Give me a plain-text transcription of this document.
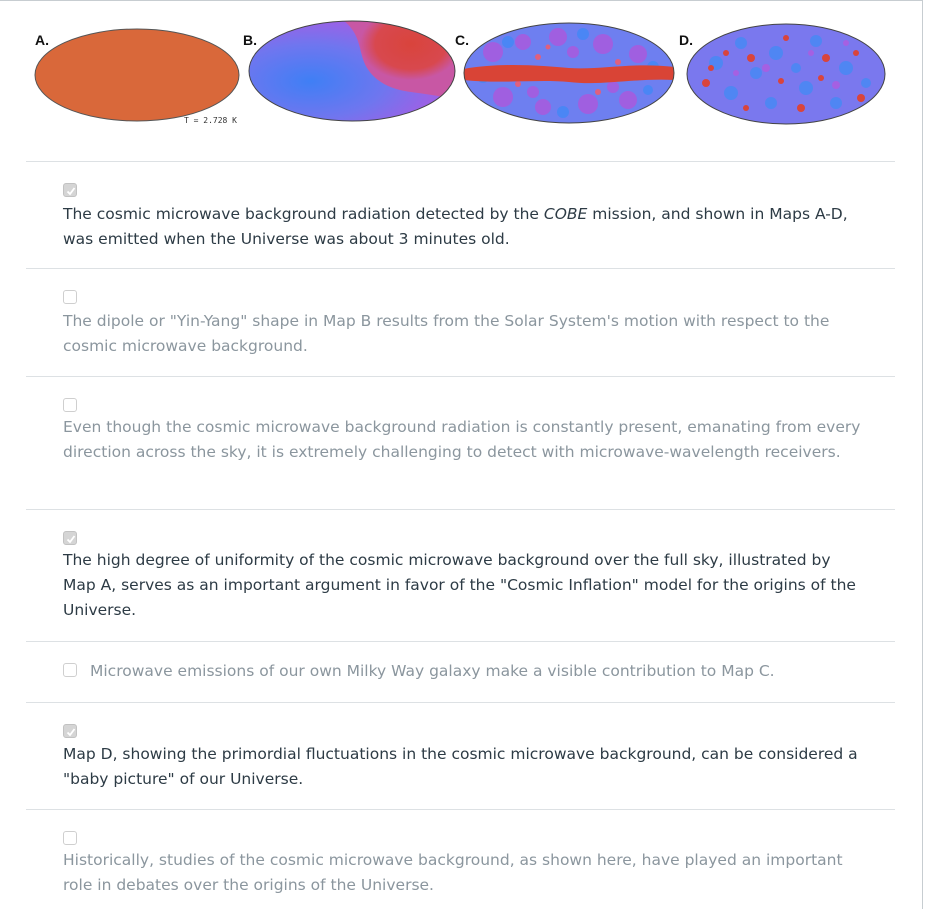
A.	B.	C.	D.
T = 2.728 K
The cosmic microwave background radiation detected by the COBE mission, and shown in Maps A-D, was emitted when the Universe was about 3 minutes old.
The dipole or "Yin-Yang" shape in Map B results from the Solar System's motion with respect to the cosmic microwave background.
Even though the cosmic microwave background radiation is constantly present, emanating from every direction across the sky, it is extremely challenging to detect with microwave-wavelength receivers.
The high degree of uniformity of the cosmic microwave background over the full sky, illustrated by Map A, serves as an important argument in favor of the "Cosmic Inflation" model for the origins of the Universe.
Microwave emissions of our own Milky Way galaxy make a visible contribution to Map C.
Map D, showing the primordial fluctuations in the cosmic microwave background, can be considered a "baby picture" of our Universe.
Historically, studies of the cosmic microwave background, as shown here, have played an important role in debates over the origins of the Universe.
